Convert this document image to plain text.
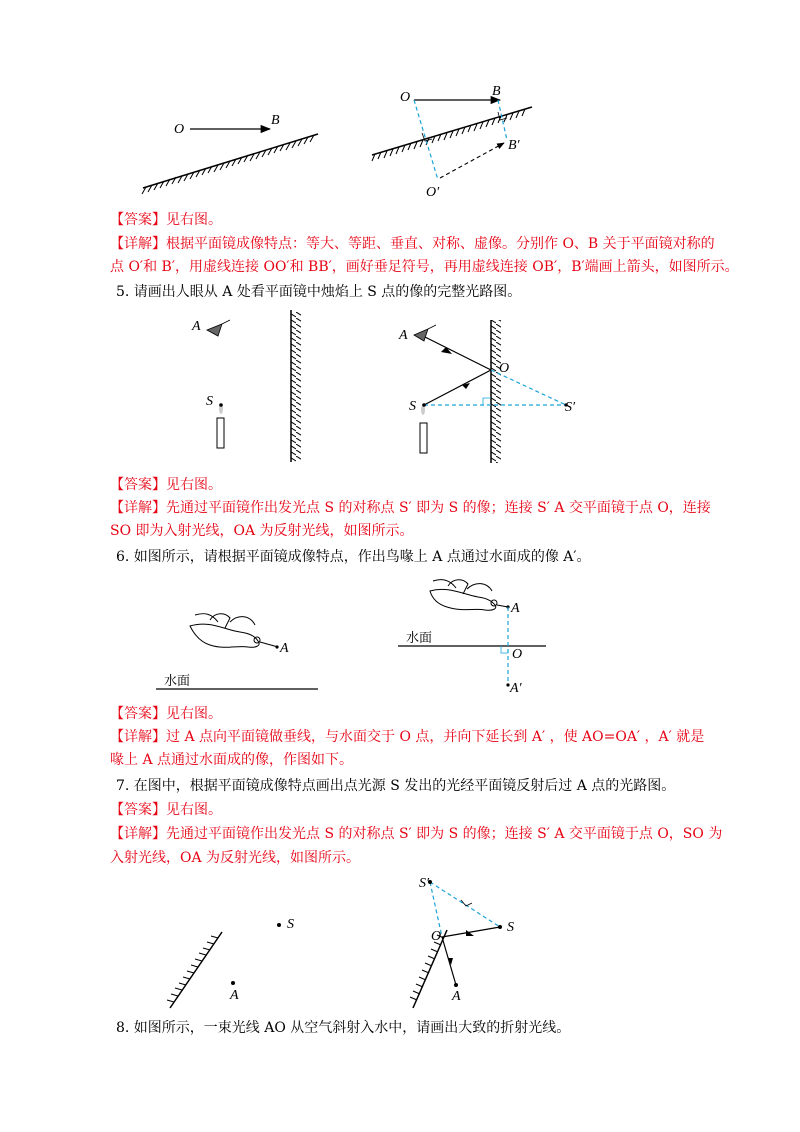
O
B
O	B
B′
O′
A
S
A
O
S′
S
A
水面
A
水面
O
A′
S
A
S′
S
O
A
【答案】见右图。
【详解】根据平面镜成像特点：等大、等距、垂直、对称、虚像。分别作 O、B 关于平面镜对称的
点 O′和 B′，用虚线连接 OO′和 BB′，画好垂足符号，再用虚线连接 OB′，B′端画上箭头，如图所示。
5. 请画出人眼从 A 处看平面镜中烛焰上 S 点的像的完整光路图。
【答案】见右图。
【详解】先通过平面镜作出发光点 S 的对称点 S′ 即为 S 的像；连接 S′ A 交平面镜于点 O，连接
SO 即为入射光线，OA 为反射光线，如图所示。
6. 如图所示，请根据平面镜成像特点，作出鸟喙上 A 点通过水面成的像 A′。
【答案】见右图。
【详解】过 A 点向平面镜做垂线，与水面交于 O 点，并向下延长到 A′ ，使 AO=OA′ ，A′ 就是
喙上 A 点通过水面成的像，作图如下。
7. 在图中，根据平面镜成像特点画出点光源 S 发出的光经平面镜反射后过 A 点的光路图。
【答案】见右图。
【详解】先通过平面镜作出发光点 S 的对称点 S′ 即为 S 的像；连接 S′ A 交平面镜于点 O，SO 为
入射光线，OA 为反射光线，如图所示。
8. 如图所示，一束光线 AO 从空气斜射入水中，请画出大致的折射光线。
